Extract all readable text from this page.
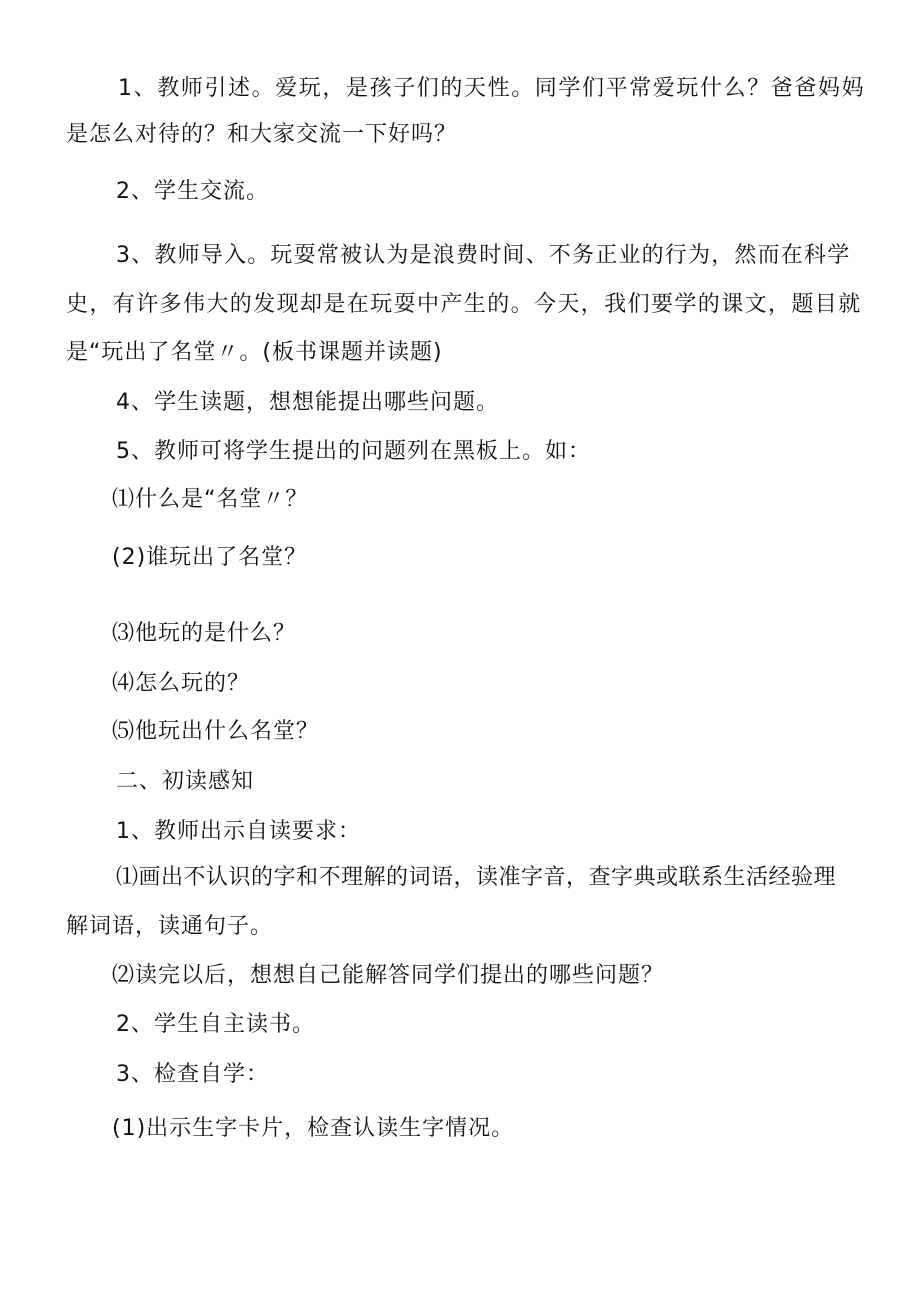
1、教师引述。爱玩，是孩子们的天性。同学们平常爱玩什么？爸爸妈妈
是怎么对待的？和大家交流一下好吗？
2、学生交流。
3、教师导入。玩耍常被认为是浪费时间、不务正业的行为，然而在科学
史，有许多伟大的发现却是在玩耍中产生的。今天，我们要学的课文，题目就
是“玩出了名堂〃。(板书课题并读题)
4、学生读题，想想能提出哪些问题。
5、教师可将学生提出的问题列在黑板上。如：
⑴什么是“名堂〃？
(2)谁玩出了名堂？
⑶他玩的是什么？
⑷怎么玩的？
⑸他玩出什么名堂？
二、初读感知
1、教师出示自读要求：
⑴画出不认识的字和不理解的词语，读准字音，查字典或联系生活经验理
解词语，读通句子。
⑵读完以后，想想自己能解答同学们提出的哪些问题？
2、学生自主读书。
3、检查自学：
(1)出示生字卡片，检查认读生字情况。
